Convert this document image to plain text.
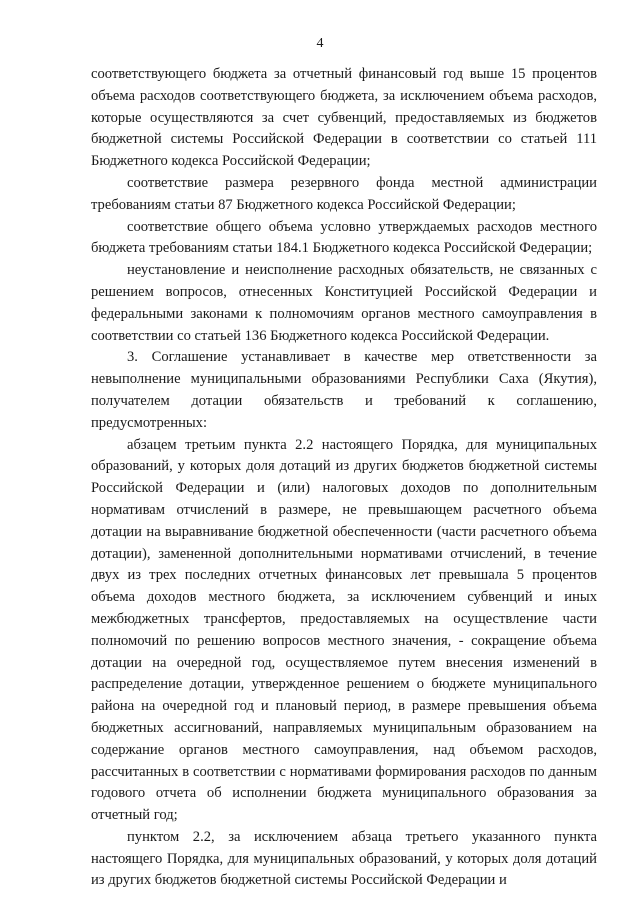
4

соответствующего бюджета за отчетный финансовый год выше 15 процентов объема расходов соответствующего бюджета, за исключением объема расходов, которые осуществляются за счет субвенций, предоставляемых из бюджетов бюджетной системы Российской Федерации в соответствии со статьей 111 Бюджетного кодекса Российской Федерации;

соответствие размера резервного фонда местной администрации требованиям статьи 87 Бюджетного кодекса Российской Федерации;

соответствие общего объема условно утверждаемых расходов местного бюджета требованиям статьи 184.1 Бюджетного кодекса Российской Федерации;

неустановление и неисполнение расходных обязательств, не связанных с решением вопросов, отнесенных Конституцией Российской Федерации и федеральными законами к полномочиям органов местного самоуправления в соответствии со статьей 136 Бюджетного кодекса Российской Федерации.

3. Соглашение устанавливает в качестве мер ответственности за невыполнение муниципальными образованиями Республики Саха (Якутия), получателем дотации обязательств и требований к соглашению, предусмотренных:

абзацем третьим пункта 2.2 настоящего Порядка, для муниципальных образований, у которых доля дотаций из других бюджетов бюджетной системы Российской Федерации и (или) налоговых доходов по дополнительным нормативам отчислений в размере, не превышающем расчетного объема дотации на выравнивание бюджетной обеспеченности (части расчетного объема дотации), замененной дополнительными нормативами отчислений, в течение двух из трех последних отчетных финансовых лет превышала 5 процентов объема доходов местного бюджета, за исключением субвенций и иных межбюджетных трансфертов, предоставляемых на осуществление части полномочий по решению вопросов местного значения, - сокращение объема дотации на очередной год, осуществляемое путем внесения изменений в распределение дотации, утвержденное решением о бюджете муниципального района на очередной год и плановый период, в размере превышения объема бюджетных ассигнований, направляемых муниципальным образованием на содержание органов местного самоуправления, над объемом расходов, рассчитанных в соответствии с нормативами формирования расходов по данным годового отчета об исполнении бюджета муниципального образования за отчетный год;

пунктом 2.2, за исключением абзаца третьего указанного пункта настоящего Порядка, для муниципальных образований, у которых доля дотаций из других бюджетов бюджетной системы Российской Федерации и
